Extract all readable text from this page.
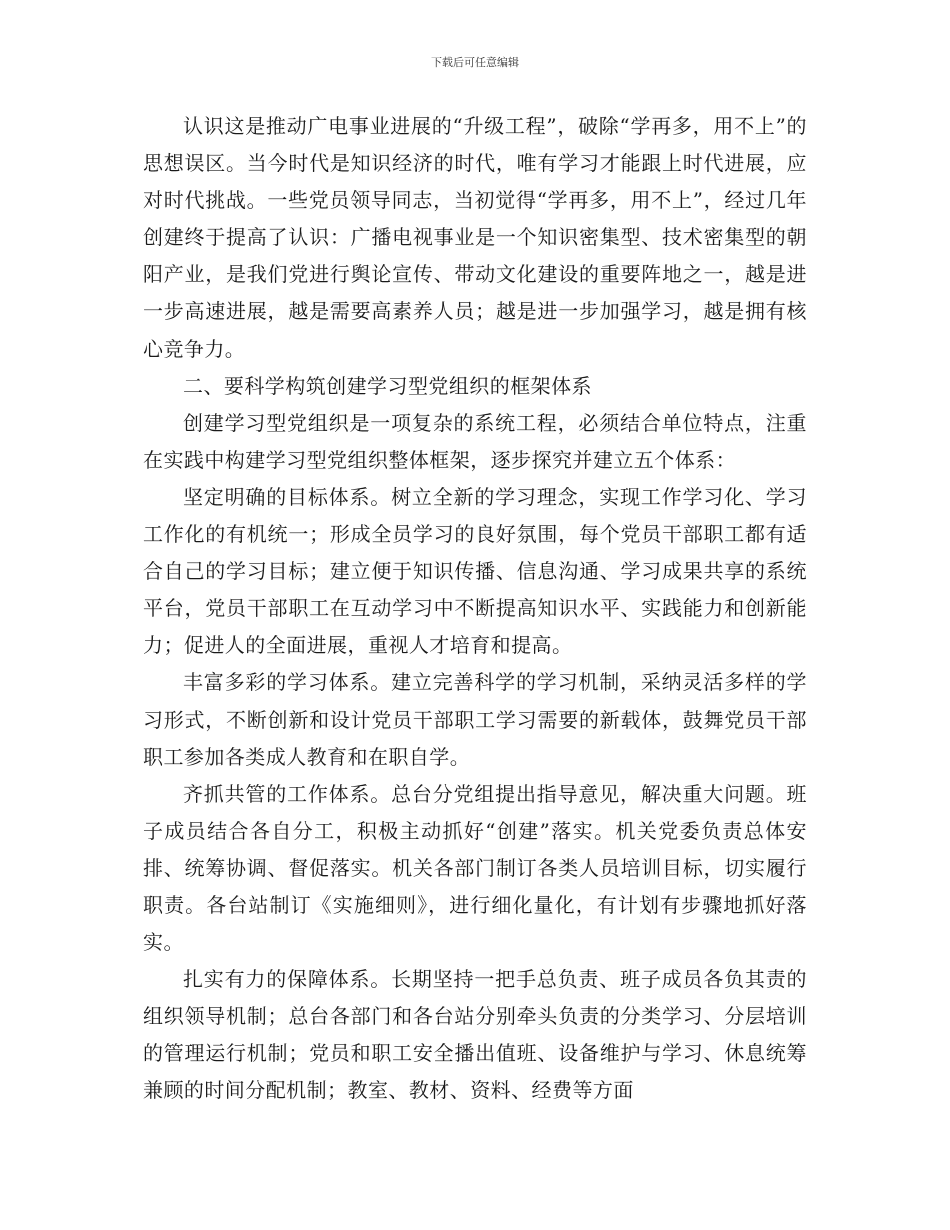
下载后可任意编辑

认识这是推动广电事业进展的“升级工程”，破除“学再多，用不上”的思想误区。当今时代是知识经济的时代，唯有学习才能跟上时代进展，应对时代挑战。一些党员领导同志，当初觉得“学再多，用不上”，经过几年创建终于提高了认识：广播电视事业是一个知识密集型、技术密集型的朝阳产业，是我们党进行舆论宣传、带动文化建设的重要阵地之一，越是进一步高速进展，越是需要高素养人员；越是进一步加强学习，越是拥有核心竞争力。

二、要科学构筑创建学习型党组织的框架体系

创建学习型党组织是一项复杂的系统工程，必须结合单位特点，注重在实践中构建学习型党组织整体框架，逐步探究并建立五个体系：

坚定明确的目标体系。树立全新的学习理念，实现工作学习化、学习工作化的有机统一；形成全员学习的良好氛围，每个党员干部职工都有适合自己的学习目标；建立便于知识传播、信息沟通、学习成果共享的系统平台，党员干部职工在互动学习中不断提高知识水平、实践能力和创新能力；促进人的全面进展，重视人才培育和提高。

丰富多彩的学习体系。建立完善科学的学习机制，采纳灵活多样的学习形式，不断创新和设计党员干部职工学习需要的新载体，鼓舞党员干部职工参加各类成人教育和在职自学。

齐抓共管的工作体系。总台分党组提出指导意见，解决重大问题。班子成员结合各自分工，积极主动抓好“创建”落实。机关党委负责总体安排、统筹协调、督促落实。机关各部门制订各类人员培训目标，切实履行职责。各台站制订《实施细则》，进行细化量化，有计划有步骤地抓好落实。

扎实有力的保障体系。长期坚持一把手总负责、班子成员各负其责的组织领导机制；总台各部门和各台站分别牵头负责的分类学习、分层培训的管理运行机制；党员和职工安全播出值班、设备维护与学习、休息统筹兼顾的时间分配机制；教室、教材、资料、经费等方面
